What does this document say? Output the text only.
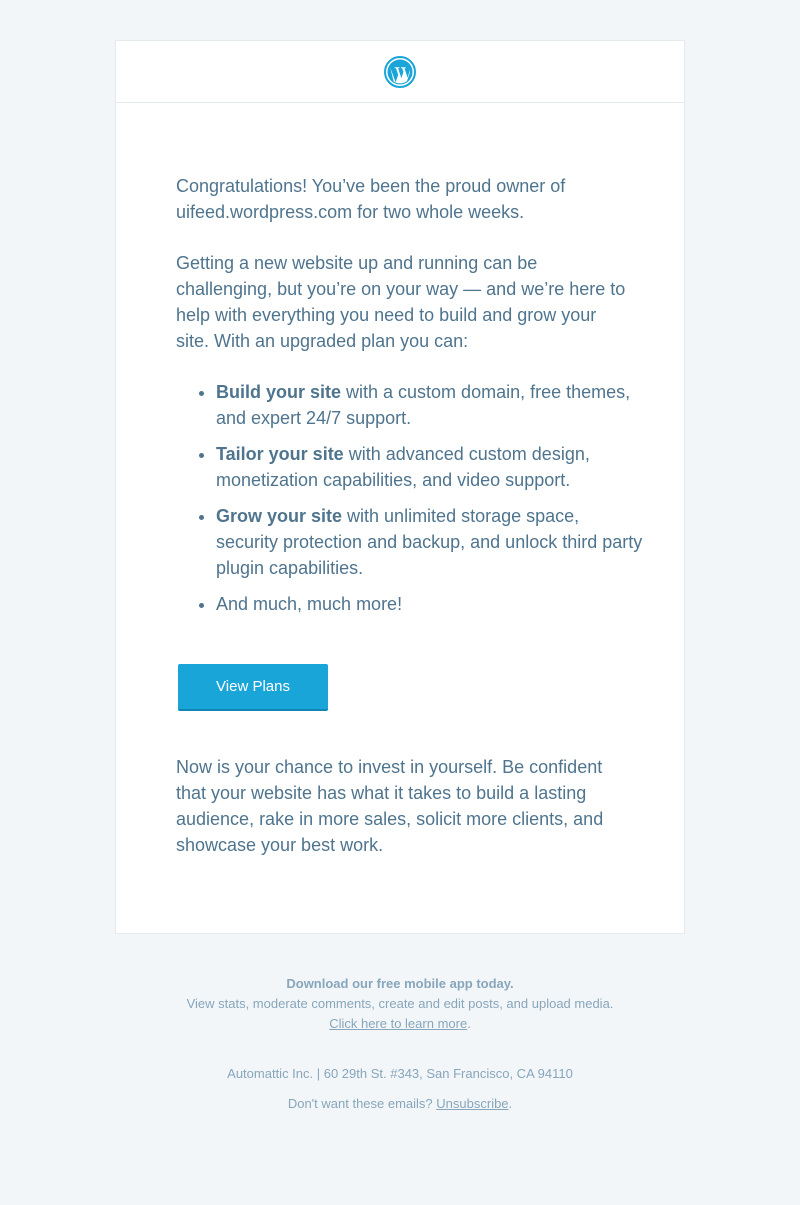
Congratulations! You’ve been the proud owner of uifeed.wordpress.com for two whole weeks.

Getting a new website up and running can be challenging, but you’re on your way — and we’re here to help with everything you need to build and grow your site. With an upgraded plan you can:

• Build your site with a custom domain, free themes, and expert 24/7 support.
• Tailor your site with advanced custom design, monetization capabilities, and video support.
• Grow your site with unlimited storage space, security protection and backup, and unlock third party plugin capabilities.
• And much, much more!
View Plans

Now is your chance to invest in yourself. Be confident that your website has what it takes to build a lasting audience, rake in more sales, solicit more clients, and showcase your best work.

Download our free mobile app today.
View stats, moderate comments, create and edit posts, and upload media.
Click here to learn more.
Automattic Inc. | 60 29th St. #343, San Francisco, CA 94110
Don't want these emails? Unsubscribe.
